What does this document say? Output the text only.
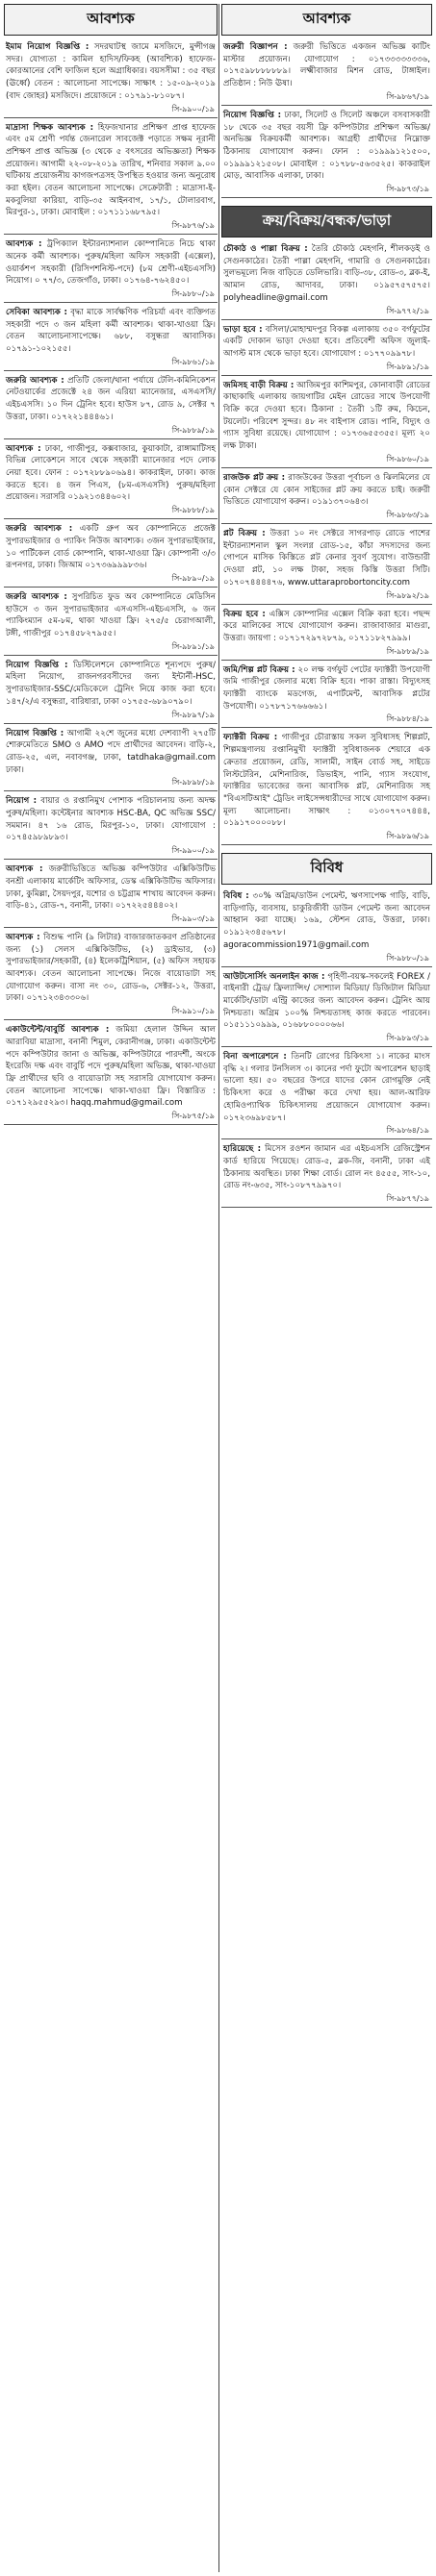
আবশ্যক
ইমাম নিয়োগ বিজ্ঞপ্তি : সদরঘাটস্থ জামে মসজিদে, মুন্সীগঞ্জ সদর। যোগ্যতা : কামিল হাদিস/ফিকহ (আবশ্যিক) হাফেজ-কোরআনের বেশি ফাজিল হলে অগ্রাধিকার। বয়সসীমা : ৩৫ বছর (ঊর্ধ্বে) বেতন : আলোচনা সাপেক্ষে। সাক্ষাৎ : ১৫-০৯-২০১৯ (বাদ জোহর) মসজিদে। প্রয়োজনে : ০১৭৯১-৮১০৮৭।
সি-৯৯০০/১৯
মাদ্রাসা শিক্ষক আবশ্যক : হিফজখানার প্রশিক্ষণ প্রাপ্ত হাফেজ এবং ৫ম শ্রেণী পর্যন্ত জেনারেল সাবজেক্ট পড়াতে সক্ষম নূরানী প্রশিক্ষণ প্রাপ্ত অভিজ্ঞ (৩ থেকে ৫ বৎসরের অভিজ্ঞতা) শিক্ষক প্রয়োজন। আগামী ২২-০৮-২০১৯ তারিখ, শনিবার সকাল ৯.০০ ঘটিকায় প্রয়োজনীয় কাগজপত্রসহ উপস্থিত হওয়ার জন্য অনুরোধ করা হইল। বেতন আলোচনা সাপেক্ষে। সেক্রেটারী : মাদ্রাসা-ই-মকবুলিয়া কারিয়া, বাড়ি-৩৫ আইনবাগ, ১৭/১, টোলারবাগ, মিরপুর-১, ঢাকা। মোবাইল : ০১৭১১১৬৮৭৯৫।
সি-৯৮৭৬/১৯
আবশ্যক : ট্রপিক্যাল ইন্টারন্যাশনাল কোম্পানিতে নিচে থাকা অনেক কর্মী আবশ্যক। পুরুষ/মহিলা অফিস সহকারী (এক্সেল), ওয়ার্কশপ সহকারী (রিসিপশনিস্ট-পদে) (৮ম শ্রেণী-এইচএসসি) নিয়োগ। ০ ৭৭/৩, তেজগাঁও, ঢাকা। ০১৭৬৪-৭৬২৪৫০।
সি-৯৮৮০/১৯
সেবিকা আবশ্যক : বৃদ্ধা মাকে সার্বক্ষণিক পরিচর্যা এবং ব্যক্তিগত সহকারী পদে ৩ জন মহিলা কর্মী আবশ্যক। থাকা-খাওয়া ফ্রি। বেতন আলোচনাসাপেক্ষে। ৬৮৮, বসুন্ধরা আবাসিক। ০১৭৯১-১০২১৫৫।
সি-৯৮৬১/১৯
জরুরি আবশ্যক : প্রতিটি জেলা/থানা পর্যায়ে টেলি-কমিনিকেশন নেটওয়ার্কের প্রজেক্টে ২৪ জন এরিয়া ম্যানেজার, এসএসসি/এইচএসসি। ১০ দিন ট্রেনিং হবে। হাউস ৮৭, রোড ৯, সেক্টর ৭ উত্তরা, ঢাকা। ০১৭২২১৪৪৪৬১।
সি-৯৮৮৯/১৯
আবশ্যক : ঢাকা, গাজীপুর, কক্সবাজার, কুয়াকাটা, রাঙ্গামাটিসহ বিভিন্ন লোকেশনে সাবে থেকে সহকারী ম্যানেজার পদে লোক নেয়া হবে। ফোন : ০১৭২৮৮৯০৬৯৪। কাকরাইল, ঢাকা। কাজ করতে হবে। ৪ জন পিএস, (৮ম-এসএসসি) পুরুষ/মহিলা প্রয়োজন। সরাসরি ০১৯২১৩৪৪৬০২।
সি-৯৮৮৮/১৯
জরুরি আবশ্যক : একটি গ্রুপ অব কোম্পানিতে প্রজেক্ট সুপারভাইজার ও প্যাকিং নিউজ আবশ্যক। ৩জন সুপারভাইজার, ১০ পার্টিকেল বোর্ড কোম্পানি, থাকা-খাওয়া ফ্রি। কোম্পানী ৩/৩ রূপনগর, ঢাকা। জিআম ০১৭৩৬৯৯৯৮৩৬।
সি-৯৮৯০/১৯
জরুরি আবশ্যক : সুপরিচিত ফুড অব কোম্পানিতে মেডিসিন হাউসে ৩ জন সুপারভাইজার এসএসসি-এইচএসসি, ৬ জন প্যাকিংম্যান ৫ম-৮ম, থাকা খাওয়া ফ্রি। ২৭৫/৫ চেরাগআলী, টঙ্গী, গাজীপুর ০১৭৪৫৮২৭৯৫৫।
সি-৯৮৯১/১৯
নিয়োগ বিজ্ঞপ্তি : ডিস্টিলেশনে কোম্পানিতে শূন্যপদে পুরুষ/মহিলা নিয়োগ, রাজনগরবসীদের জন্য ইন্টার্নী-HSC, সুপারভাইজার-SSC/মেডিকেলে ট্রেনিং নিয়ে কাজ করা হবে। ১৪৭/২/এ বসুন্ধরা, বারিধারা, ঢাকা ০১৭৫৫-৬৮৯০৭৯০।
সি-৯৮৯৭/১৯
নিয়োগ বিজ্ঞপ্তি : আগামী ২২শে জুনের মধ্যে দেশব্যাপী ২৭৫টি শোরুমেতিতে SMO ও AMO পদে প্রার্থীদের আবেদন। বাড়ি-২, রোড-২৫, এল, নবাবগঞ্জ, ঢাকা, tatdhaka@gmail.com ঢাকা।
সি-৯৮৯৮/১৯
নিয়োগ : বায়ার ও রপ্তানিমুখ পোশাক পরিচালনায় জন্য অদক্ষ পুরুষ/মহিলা। কন্টেইনার আবশ্যক HSC-BA, QC অভিজ্ঞ SSC/ সমমান। ৪৭ ১৬ রোড, মিরপুর-১০, ঢাকা। যোগাযোগ : ০১৭৪৫৯৮৯৮৯৩।
সি-৯৯০০/১৯
আবশ্যক : জরুরীভিত্তিতে অভিজ্ঞ কম্পিউটার এক্সিকিউটিভ বনশ্রী এলাকায় মার্কেটিং অফিসার, ডেস্ক এক্সিকিউটিভ অফিসার। ঢাকা, কুমিল্লা, সৈয়দপুর, যশোর ও চট্টগ্রাম শাখায় আবেদন করুন। বাড়ি-৪১, রোড-৭, বনানী, ঢাকা। ০১৭২২৫৪৪৪০২।
সি-৯৯০৩/১৯
আবশ্যক : বিশুদ্ধ পানি (৯ লিটার) বাজারজাতকরণ প্রতিষ্ঠানের জন্য (১) সেলস এক্সিকিউটিভ, (২) ড্রাইভার, (৩) সুপারভাইজার/সহকারী, (৪) ইলেকট্রিশিয়ান, (৫) অফিস সহায়ক আবশ্যক। বেতন আলোচনা সাপেক্ষে। নিজে বায়োডাটা সহ যোগাযোগ করুন। বাসা নং ৩০, রোড-৬, সেক্টর-১২, উত্তরা, ঢাকা। ০১৭১২৩৪৩৩০৬।
সি-৯৯১০/১৯
একাউন্টেন্ট/বাবুর্চি আবশ্যক : জমিয়া হেলাল উদ্দিন আল আরাবিয়া মাদ্রাসা, বনানী শিমুল, কেরানীগঞ্জ, ঢাকা। একাউন্টেন্ট পদে কম্পিউটার জানা ও অভিজ্ঞ, কম্পিউটারে পারদর্শী, অংকে ইংরেজি দক্ষ এবং বাবুর্চি পদে পুরুষ/মহিলা অভিজ্ঞ, থাকা-খাওয়া ফ্রি প্রার্থীদের ছবি ও বায়োডাটা সহ সরাসরি যোগাযোগ করুন। বেতন আলোচনা সাপেক্ষে। থাকা-খাওয়া ফ্রি। বিস্তারিত : ০১৭১২৯৫৫২৯৩। haqq.mahmud@gmail.com
সি-৯৮৭৫/১৯
আবশ্যক
জরুরী বিজ্ঞাপন : জরুরী ভিত্তিতে একজন অভিজ্ঞ কাটিং মাস্টার প্রয়োজন। যোগাযোগ : ০১৭৩৩৩৩৩৩৩৬, ০১৭৫৯৮৮৮৮৮৮৯। লক্ষ্মীবাজার মিশন রোড, টাঙ্গাইল। প্রতিষ্ঠান : নিউ ঊষা।
সি-৯৮৬৭/১৯
নিয়োগ বিজ্ঞপ্তি : ঢাকা, সিলেট ও সিলেট অঞ্চলে বসবাসকারী ১৮ থেকে ৩৫ বছর বয়সী ফ্রি কম্পিউটার প্রশিক্ষণ অভিজ্ঞ/অনভিজ্ঞ বিক্রয়কর্মী আবশ্যক। আগ্রহী প্রার্থীদের নিম্নোক্ত ঠিকানায় যোগাযোগ করুন। ফোন : ০১৯৯৯১২১৫০০, ০১৯৯৯১২১৫০৮। মোবাইল : ০১৭৮৮-৫৬৩৫২৫। কাকরাইল মোড়, আবাসিক এলাকা, ঢাকা।
সি-৯৮৭৩/১৯
ক্রয়/বিক্রয়/বন্ধক/ভাড়া
চৌকাঠ ও পাল্লা বিক্রয় : তৈরি চৌকাঠ মেহগনি, শীলকড়ই ও সেগুনকাঠের। তৈরী পাল্লা মেহগনি, গামারি ও সেগুনকাঠের। সুলভমূল্যে নিজ বাড়িতে ডেলিভারি। বাড়ি-৩৮, রোড-৩, ব্লক-ই, আমান রোড, আদাবর, ঢাকা। ০১৯৫৭৫৭৫৭৫। polyheadline@gmail.com
সি-৯৭৭২/১৯
ভাড়া হবে : বসিলা/মোহাম্মদপুর বিকল্প এলাকায় ৩৫০ বর্গফুটের একটি দোকান ভাড়া দেওয়া হবে। প্রতিবেশী অফিস জুলাই-আগস্ট মাস থেকে ভাড়া হবে। যোগাযোগ : ০১৭৭০৯৯৭৮।
সি-৯৮৯১/১৯
জমিসহ বাড়ী বিক্রয় : আজিমপুর কাশিমপুর, কোনাবাড়ী রোডের কাছাকাছি এলাকায় জায়গাটির মেইন রোডের সাথে উপযোগী বিক্রি করে দেওয়া হবে। ঠিকানা : তৈরী ১টি রুম, কিচেন, টয়লেট। পরিবেশ সুন্দর। ৪৮ নং বাইপাস রোড। পানি, বিদ্যুৎ ও গ্যাস সুবিধা রয়েছে। যোগাযোগ : ০১৭৩৬৫৫৩৫৫। মূল্য ২০ লক্ষ টাকা।
সি-৯৮৬০/১৯
রাজউক প্লট ক্রয় : রাজউকের উত্তরা পূর্বাচল ও ঝিলমিলের যে কোন সেক্টরে যে কোন সাইজের প্লট ক্রয় করতে চাই। জরুরী ভিত্তিতে যোগাযোগ করুন। ০১৯১৩৭০৬৪৩।
সি-৯৮৬৩/১৯
প্লট বিক্রয় : উত্তরা ১০ নং সেক্টরে সাগরপাড় রোডে পাশের ইন্টারন্যাশনাল স্কুল সংলগ্ন রোড-১৫, কাঁচা সদস্যদের জন্য গোপনে মাসিক কিস্তিতে প্লট কেনার সুবর্ণ সুযোগ। বাউন্ডারী দেওয়া প্লট, ১০ লক্ষ টাকা, সহজ কিস্তি উত্তরা সিটি। ০১৭০৭৪৪৪৪৭৬, www.uttaraprobortoncity.com
সি-৯৮৯২/১৯
বিক্রয় হবে : এক্সিস কোম্পানির এক্সেল বিক্রি করা হবে। পছন্দ করে মালিকের সাথে যোগাযোগ করুন। রাজাবাজার মাগুরা, উত্তরা। জায়গা : ০১৭১৭২৯৭২৮৭৯, ০১৭১১৮২৭৯৯৯।
সি-৯৮৮৯/১৯
জমি/শিল্প প্লট বিক্রয় : ২০ লক্ষ বর্গফুট পেটের ফ্যাক্টরী উপযোগী জমি গাজীপুর জেলার মধ্যে বিক্রি হবে। পাকা রাস্তা। বিদ্যুৎসহ ফ্যাক্টরী ব্যাংকে মডগেজ, এপার্টমেন্ট, আবাসিক প্লটের উপযোগী। ০১৭৮৭১৭৬৬৬৬১।
সি-৯৮৮৪/১৯
ফ্যাক্টরী বিক্রয় : গাজীপুর চৌরাস্তায় সকল সুবিধাসহ শিল্পপ্লট, শিল্পমন্ত্রণালয় রপ্তানিমুখী ফ্যাক্টরী সুবিধাজনক শেয়ারে এক ক্রেতার প্রয়োজন, রেডি, সালামী, সাইন বোর্ড সহ, সাইডে লিস্টটেরিন, মেশিনারিজ, ডিভাইস, পানি, গ্যাস সংযোগ, ফ্যাক্টরির ভাবেজের জন্য আবাসিক প্লট, মেশিনারিজ সহ "বিএসটিআই" ট্রেডিং লাইসেন্সধারীদের সাথে যোগাযোগ করুন। মূল্য আলোচনা। সাক্ষাৎ : ০১৩০৭৭০৭৪৪৪, ০১৯১৭০০০০৮৮।
সি-৯৮৯৬/১৯
বিবিধ
বিবিধ : ৩০% অগ্রিম/ডাউন পেমেন্ট, ঋণসাপেক্ষ গাড়ি, বাড়ি, বাড়িগাড়ি, ব্যবসায়, চাকুরিজীবী ডাউন পেমেন্ট জন্য আবেদন আহ্বান করা যাচ্ছে। ১৬৯, স্টেশন রোড, উত্তরা, ঢাকা। ০১৯১২৩৪৫৬৭৮। agoracommission1971@gmail.com
সি-৯৮৮০/১৯
আউটসোর্সিং অনলাইন কাজ : গৃহিণী-বয়স্ক-সকলেই FOREX / বাইনারী ট্রেড/ ফ্রিল্যান্সিং/ সোশ্যাল মিডিয়া/ ডিজিটাল মিডিয়া মার্কেটিং/ডাটা এন্ট্রি কাজের জন্য আবেদন করুন। ট্রেনিং আয় নিশ্চয়তা। অগ্রিম ১০০% নিশ্চয়তাসহ কাজ করতে পারবেন। ০১৫১১১০৯৯৯, ০১৬৮৮০০০০৬৬।
সি-৯৮৯৩/১৯
বিনা অপারেশনে : তিনটি রোগের চিকিৎসা ১। নাকের মাংস বৃদ্ধি ২। গলার টনসিলস ৩। কানের পর্দা ফুটো অপারেশন ছাড়াই ভালো হয়। ৫০ বছরের উপরে যাদের কোন রোগমুক্তি নেই চিকিৎসা করে ও পরীক্ষা করে দেখা হয়। আল-আরিফ হোমিওপ্যাথিক চিকিৎসালয় প্রয়োজনে যোগাযোগ করুন। ০১৭২৩৬৯৮৫৮৭।
সি-৯৮৬৪/১৯
হারিয়েছে : মিসেস রওশন জামান এর এইচএসসি রেজিস্ট্রেশন কার্ড হারিয়ে গিয়েছে। রোড-৫, ব্লক-জি, বনানী, ঢাকা এই ঠিকানায় অবস্থিত। ঢাকা শিক্ষা বোর্ড। রোল নং ৪৫৫৫, সাং-১০, রোড নং-৬৩৫, সাং-১০৮৭৭৯৯৭০।
সি-৯৮৭৭/১৯
